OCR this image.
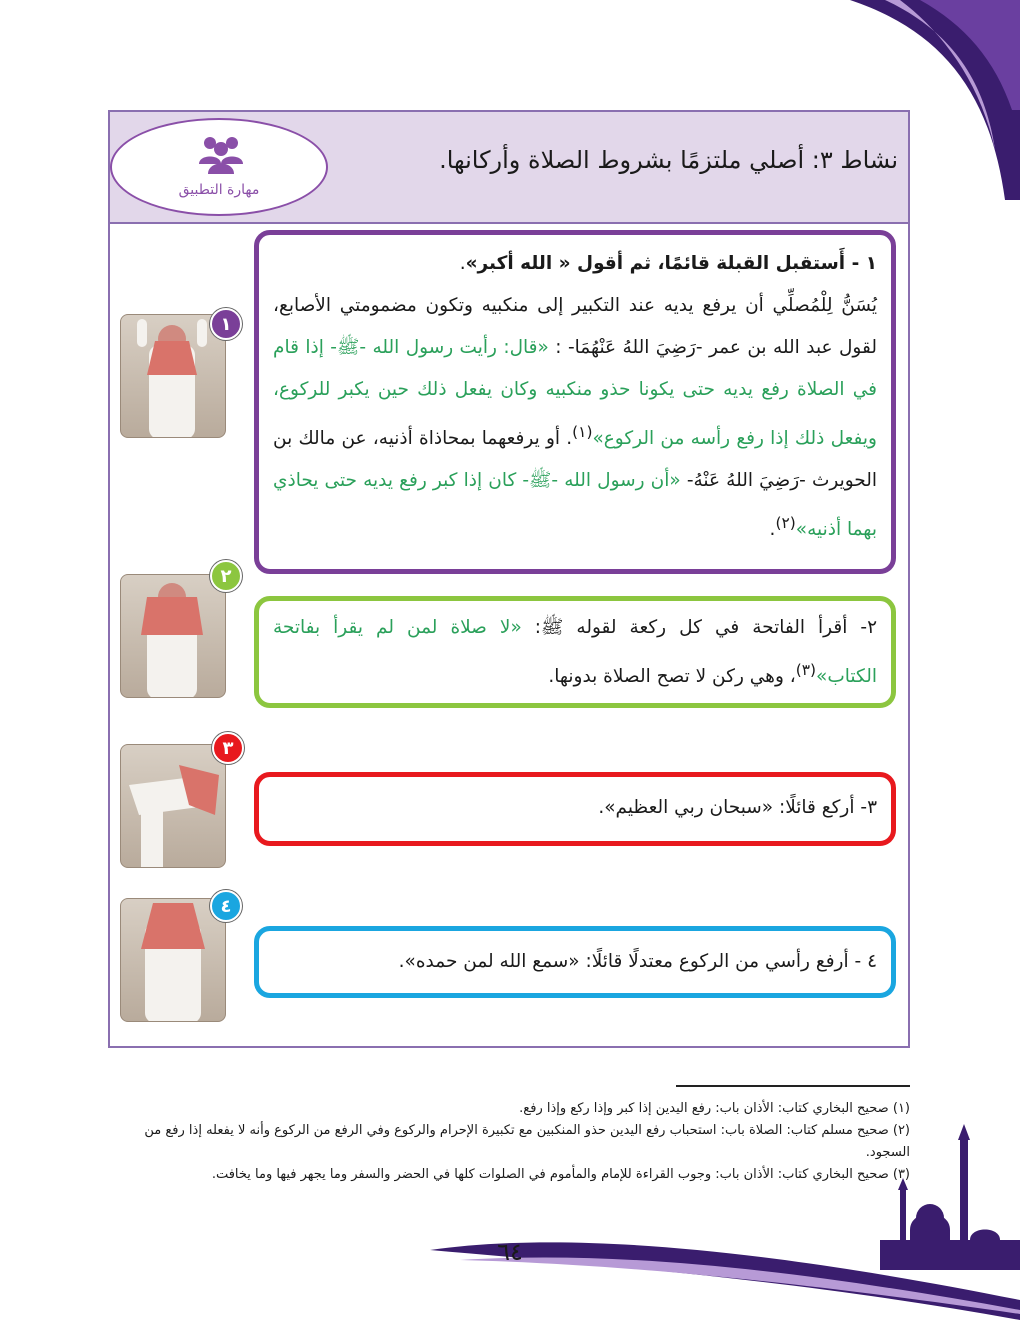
نشاط ٣: أصلي ملتزمًا بشروط الصلاة وأركانها.
مهارة التطبيق
١ - أَستقبل القبلة قائمًا، ثم أقول « الله أكبر».
يُسَنُّ لِلْمُصلِّي أن يرفع يديه عند التكبير إلى منكبيه وتكون مضمومتي الأصابع، لقول عبد الله بن عمر -رَضِيَ اللهُ عَنْهُمَا- : «قال: رأيت رسول الله -ﷺ- إذا قام في الصلاة رفع يديه حتى يكونا حذو منكبيه وكان يفعل ذلك حين يكبر للركوع، ويفعل ذلك إذا رفع رأسه من الركوع»$^{(١)}$. أو يرفعهما بمحاذاة أذنيه، عن مالك بن الحويرث -رَضِيَ اللهُ عَنْهُ- «أن رسول الله -ﷺ- كان إذا كبر رفع يديه حتى يحاذي بهما أذنيه»$^{(٢)}$.
٢- أقرأ الفاتحة في كل ركعة لقوله ﷺ: «لا صلاة لمن لم يقرأ بفاتحة الكتاب»$^{(٣)}$، وهي ركن لا تصح الصلاة بدونها.
٣- أركع قائلًا: «سبحان ربي العظيم».
٤ - أرفع رأسي من الركوع معتدلًا قائلًا: «سمع الله لمن حمده».
١
٢
٣
٤

(١) صحيح البخاري كتاب: الأذان باب: رفع اليدين إذا كبر وإذا ركع وإذا رفع.

(٢) صحيح مسلم كتاب: الصلاة باب: استحباب رفع اليدين حذو المنكبين مع تكبيرة الإحرام والركوع وفي الرفع من الركوع وأنه لا يفعله إذا رفع من السجود.

(٣) صحيح البخاري كتاب: الأذان باب: وجوب القراءة للإمام والمأموم في الصلوات كلها في الحضر والسفر وما يجهر فيها وما يخافت.

٦٤
